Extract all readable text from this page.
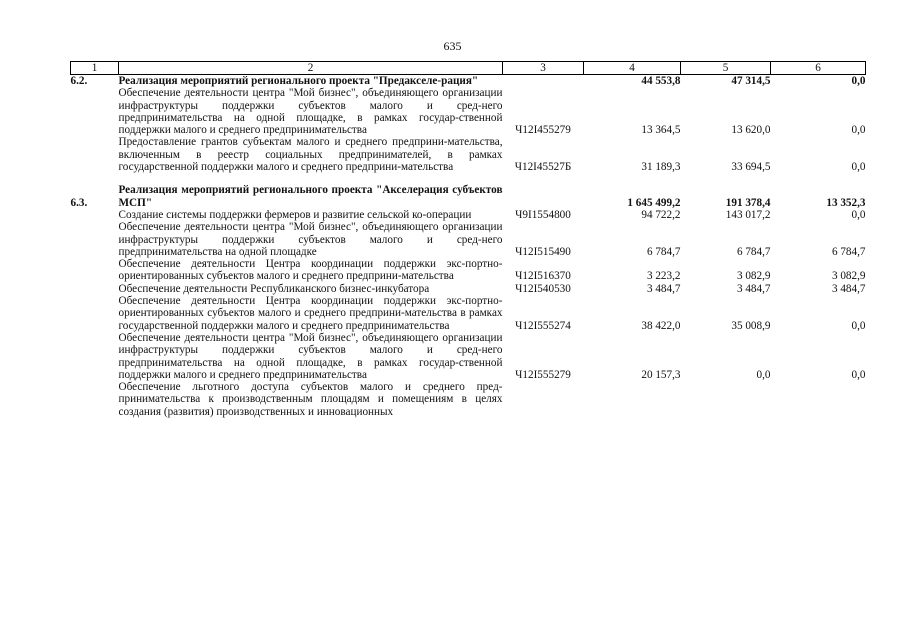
635
1	2	3	4	5	6
6.2.	Реализация мероприятий регионального проекта "Предакселе-рация"		44 553,8	47 314,5	0,0
	Обеспечение деятельности центра "Мой бизнес", объединяющего организации инфраструктуры поддержки субъектов малого и сред-него предпринимательства на одной площадке, в рамках государ-ственной поддержки малого и среднего предпринимательства	Ч12I455279	13 364,5	13 620,0	0,0
	Предоставление грантов субъектам малого и среднего предприни-мательства, включенным в реестр социальных предпринимателей, в рамках государственной поддержки малого и среднего предприни-мательства	Ч12I45527Б	31 189,3	33 694,5	0,0

6.3.	Реализация мероприятий регионального проекта "Акселерация субъектов МСП"		1 645 499,2	191 378,4	13 352,3
	Создание системы поддержки фермеров и развитие сельской ко-операции	Ч9I1554800	94 722,2	143 017,2	0,0
	Обеспечение деятельности центра "Мой бизнес", объединяющего организации инфраструктуры поддержки субъектов малого и сред-него предпринимательства на одной площадке	Ч12I515490	6 784,7	6 784,7	6 784,7
	Обеспечение деятельности Центра координации поддержки экс-портно-ориентированных субъектов малого и среднего предприни-мательства	Ч12I516370	3 223,2	3 082,9	3 082,9
	Обеспечение деятельности Республиканского бизнес-инкубатора	Ч12I540530	3 484,7	3 484,7	3 484,7
	Обеспечение деятельности Центра координации поддержки экс-портно-ориентированных субъектов малого и среднего предприни-мательства в рамках государственной поддержки малого и среднего предпринимательства	Ч12I555274	38 422,0	35 008,9	0,0
	Обеспечение деятельности центра "Мой бизнес", объединяющего организации инфраструктуры поддержки субъектов малого и сред-него предпринимательства на одной площадке, в рамках государ-ственной поддержки малого и среднего предпринимательства	Ч12I555279	20 157,3	0,0	0,0
	Обеспечение льготного доступа субъектов малого и среднего пред-принимательства к производственным площадям и помещениям в целях создания (развития) производственных и инновационных				
